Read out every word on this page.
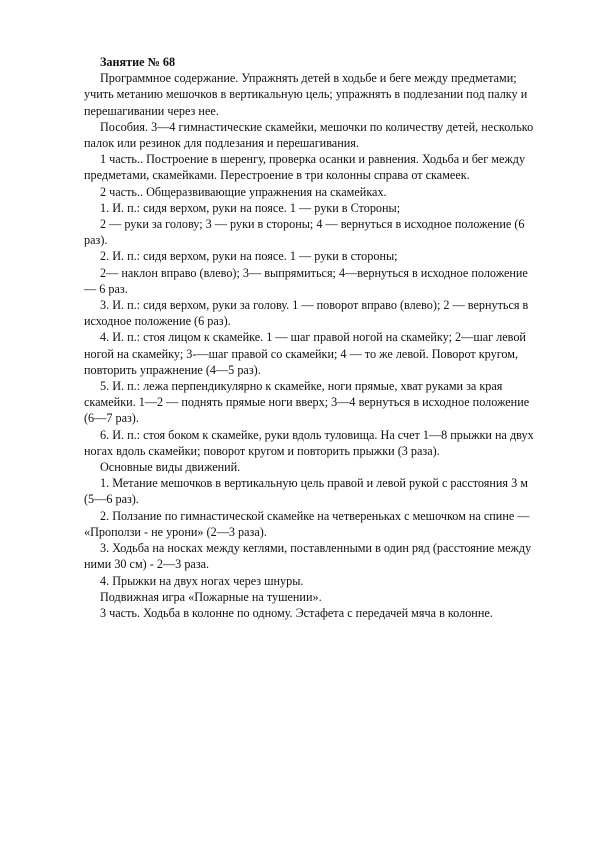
Занятие № 68

Программное содержание. Упражнять детей в ходьбе и беге между предметами; учить метанию мешочков в вертикальную цель; упражнять в подлезании под палку и перешагивании через нее.

Пособия. 3—4 гимнастические скамейки, мешочки по количеству детей, несколько палок или резинок для подлезания и перешагивания.

1 часть.. Построение в шеренгу, проверка осанки и равнения. Ходьба и бег между предметами, скамейками. Перестроение в три колонны справа от скамеек.

2 часть.. Общеразвивающие упражнения на скамейках.

1. И. п.: сидя верхом, руки на поясе. 1 — руки в Стороны;

2 — руки за голову; 3 — руки в стороны; 4 — вернуться в исходное положение (6 раз).

2. И. п.: сидя верхом, руки на поясе. 1 — руки в стороны;

2— наклон вправо (влево); 3— выпрямиться; 4—вернуться в исходное положение — 6 раз.

3. И. п.: сидя верхом, руки за голову. 1 — поворот вправо (влево); 2 — вернуться в исходное положение (6 раз).

4. И. п.: стоя лицом к скамейке. 1 — шаг правой ногой на скамейку; 2—шаг левой ногой на скамейку; 3-—шаг правой со скамейки; 4 — то же левой. Поворот кругом, повторить упражнение (4—5 раз).

5. И. п.: лежа перпендикулярно к скамейке, ноги прямые, хват руками за края скамейки. 1—2 — поднять прямые ноги вверх; 3—4 вернуться в исходное положение (6—7 раз).

6. И. п.: стоя боком к скамейке, руки вдоль туловища. На счет 1—8 прыжки на двух ногах вдоль скамейки; поворот кругом и повторить прыжки (3 раза).

Основные виды движений.

1. Метание мешочков в вертикальную цель правой и левой рукой с расстояния 3 м (5—6 раз).

2. Ползание по гимнастической скамейке на четвереньках с мешочком на спине — «Проползи - не урони» (2—3 раза).

3. Ходьба на носках между кеглями, поставленными в один ряд (расстояние между ними 30 см) - 2—3 раза.

4. Прыжки на двух ногах через шнуры.

Подвижная игра «Пожарные на тушении».

3 часть. Ходьба в колонне по одному. Эстафета с передачей мяча в колонне.
